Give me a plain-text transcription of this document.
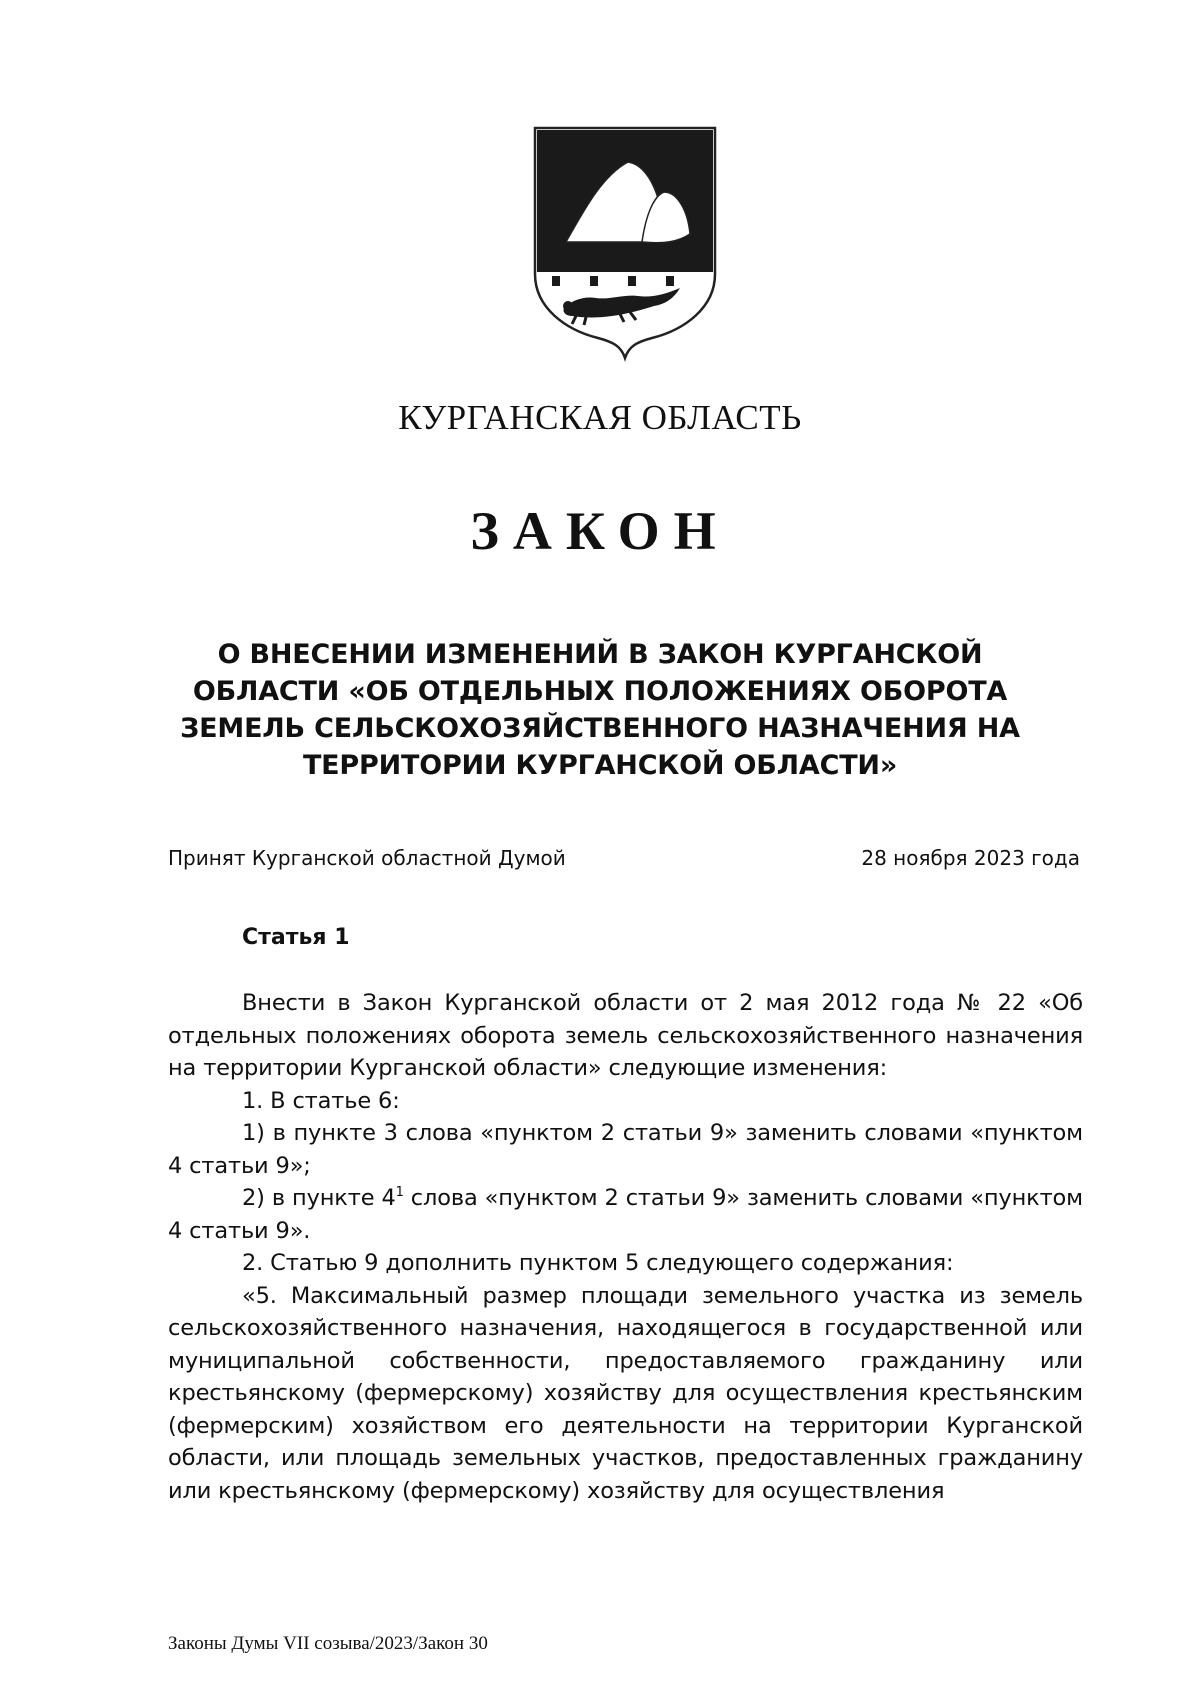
КУРГАНСКАЯ ОБЛАСТЬ
ЗАКОН
О ВНЕСЕНИИ ИЗМЕНЕНИЙ В ЗАКОН КУРГАНСКОЙ ОБЛАСТИ «ОБ ОТДЕЛЬНЫХ ПОЛОЖЕНИЯХ ОБОРОТА ЗЕМЕЛЬ СЕЛЬСКОХОЗЯЙСТВЕННОГО НАЗНАЧЕНИЯ НА ТЕРРИТОРИИ КУРГАНСКОЙ ОБЛАСТИ»
Принят Курганской областной Думой	28 ноября 2023 года
Статья 1

Внести в Закон Курганской области от 2 мая 2012 года № 22 «Об отдельных положениях оборота земель сельскохозяйственного назначения на территории Курганской области» следующие изменения:

1. В статье 6:

1) в пункте 3 слова «пунктом 2 статьи 9» заменить словами «пунктом 4 статьи 9»;

2) в пункте $4^1$ слова «пунктом 2 статьи 9» заменить словами «пунктом 4 статьи 9».

2. Статью 9 дополнить пунктом 5 следующего содержания:

«5. Максимальный размер площади земельного участка из земель сельскохозяйственного назначения, находящегося в государственной или муниципальной собственности, предоставляемого гражданину или крестьянскому (фермерскому) хозяйству для осуществления крестьянским (фермерским) хозяйством его деятельности на территории Курганской области, или площадь земельных участков, предоставленных гражданину или крестьянскому (фермерскому) хозяйству для осуществления

Законы Думы VII созыва/2023/Закон 30
